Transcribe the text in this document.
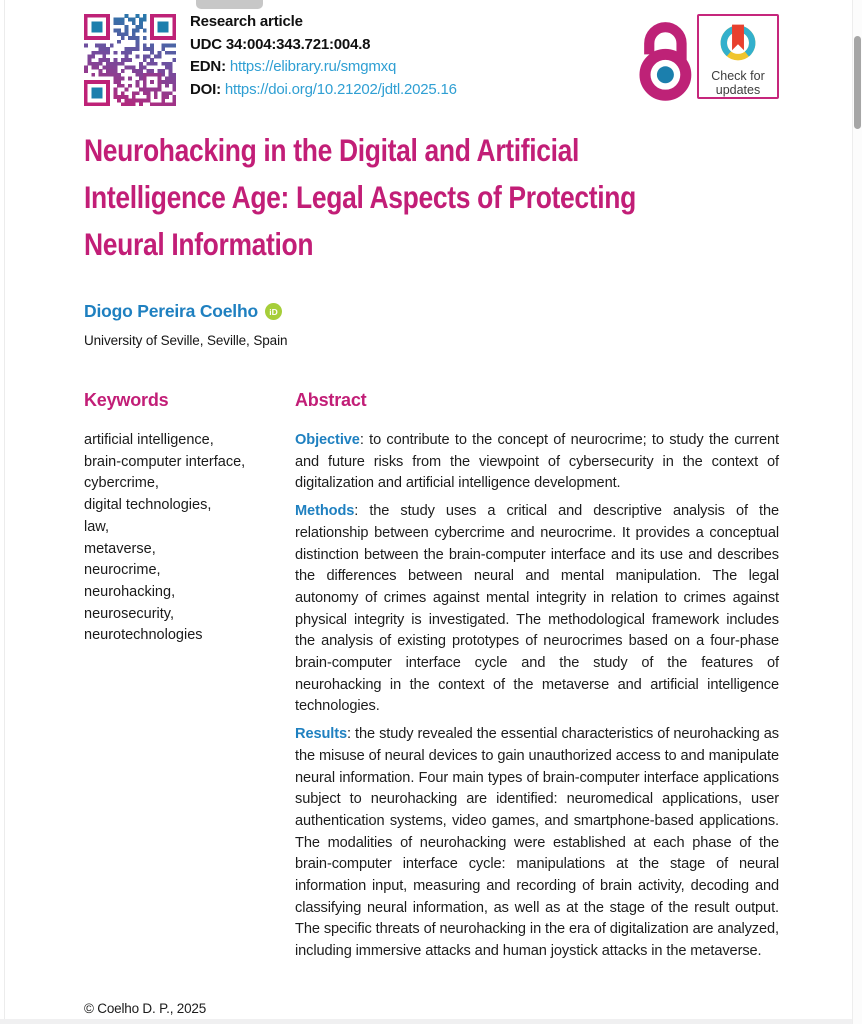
Research article
UDC 34:004:343.721:004.8
EDN: https://elibrary.ru/smgmxq
DOI: https://doi.org/10.21202/jdtl.2025.16
Check for
updates
Neurohacking in the Digital and Artificial
Intelligence Age: Legal Aspects of Protecting
Neural Information
Diogo Pereira Coelho	iD
University of Seville, Seville, Spain
Keywords
artificial intelligence,
brain-computer interface,
cybercrime,
digital technologies,
law,
metaverse,
neurocrime,
neurohacking,
neurosecurity,
neurotechnologies
Abstract

Objective: to contribute to the concept of neurocrime; to study the current and future risks from the viewpoint of cybersecurity in the context of digitalization and artificial intelligence development.

Methods: the study uses a critical and descriptive analysis of the relationship between cybercrime and neurocrime. It provides a conceptual distinction between the brain-computer interface and its use and describes the differences between neural and mental manipulation. The legal autonomy of crimes against mental integrity in relation to crimes against physical integrity is investigated. The methodological framework includes the analysis of existing prototypes of neurocrimes based on a four-phase brain-computer interface cycle and the study of the features of neurohacking in the context of the metaverse and artificial intelligence technologies.

Results: the study revealed the essential characteristics of neurohacking as the misuse of neural devices to gain unauthorized access to and manipulate neural information. Four main types of brain-computer interface applications subject to neurohacking are identified: neuromedical applications, user authentication systems, video games, and smartphone-based applications. The modalities of neurohacking were established at each phase of the brain-computer interface cycle: manipulations at the stage of neural information input, measuring and recording of brain activity, decoding and classifying neural information, as well as at the stage of the result output. The specific threats of neurohacking in the era of digitalization are analyzed, including immersive attacks and human joystick attacks in the metaverse.

© Coelho D. P., 2025
